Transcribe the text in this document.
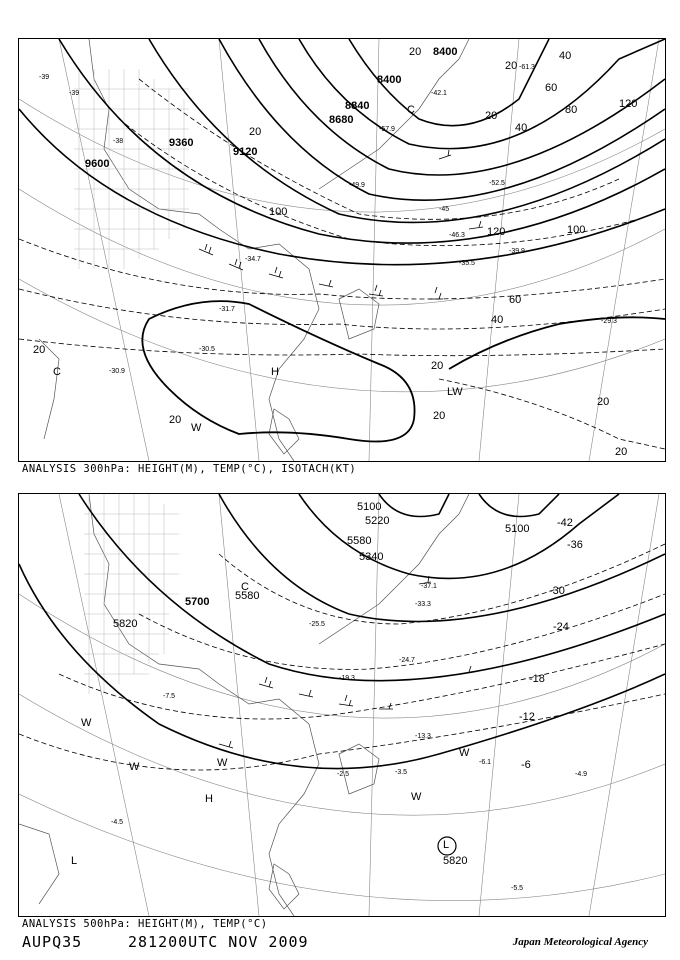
9600
9360
9120
8840
8680
8400
8400
20
20
20
20
20
20
20
20
20
20
40
40
40
60
60
80
100
100
120
120
-39
-38
-39
-29.3
-30.5
-31.7
-30.9
-34.7
-35.5
-39.9
-42.1
-45
-46.3
-49.9	-52.5
-57.9
-61.3
H
C
C
LW
W
ANALYSIS 300hPa: HEIGHT(M), TEMP(°C), ISOTACH(KT)
5820
5700
5820
5580
5580
5340
5220
5100
5100	-42
-36
-30
-24
-18
-12
-6
-4.5
-5.5
-6.1
-4.9
-3.5
-2.5
-7.5
-13.3
-19.3
-24.7
-25.5
-33.3
-37.1
L
L
H
C
W
W
W
W
W
ANALYSIS 500hPa: HEIGHT(M), TEMP(°C)
AUPQ35	281200UTC NOV 2009	Japan Meteorological Agency
